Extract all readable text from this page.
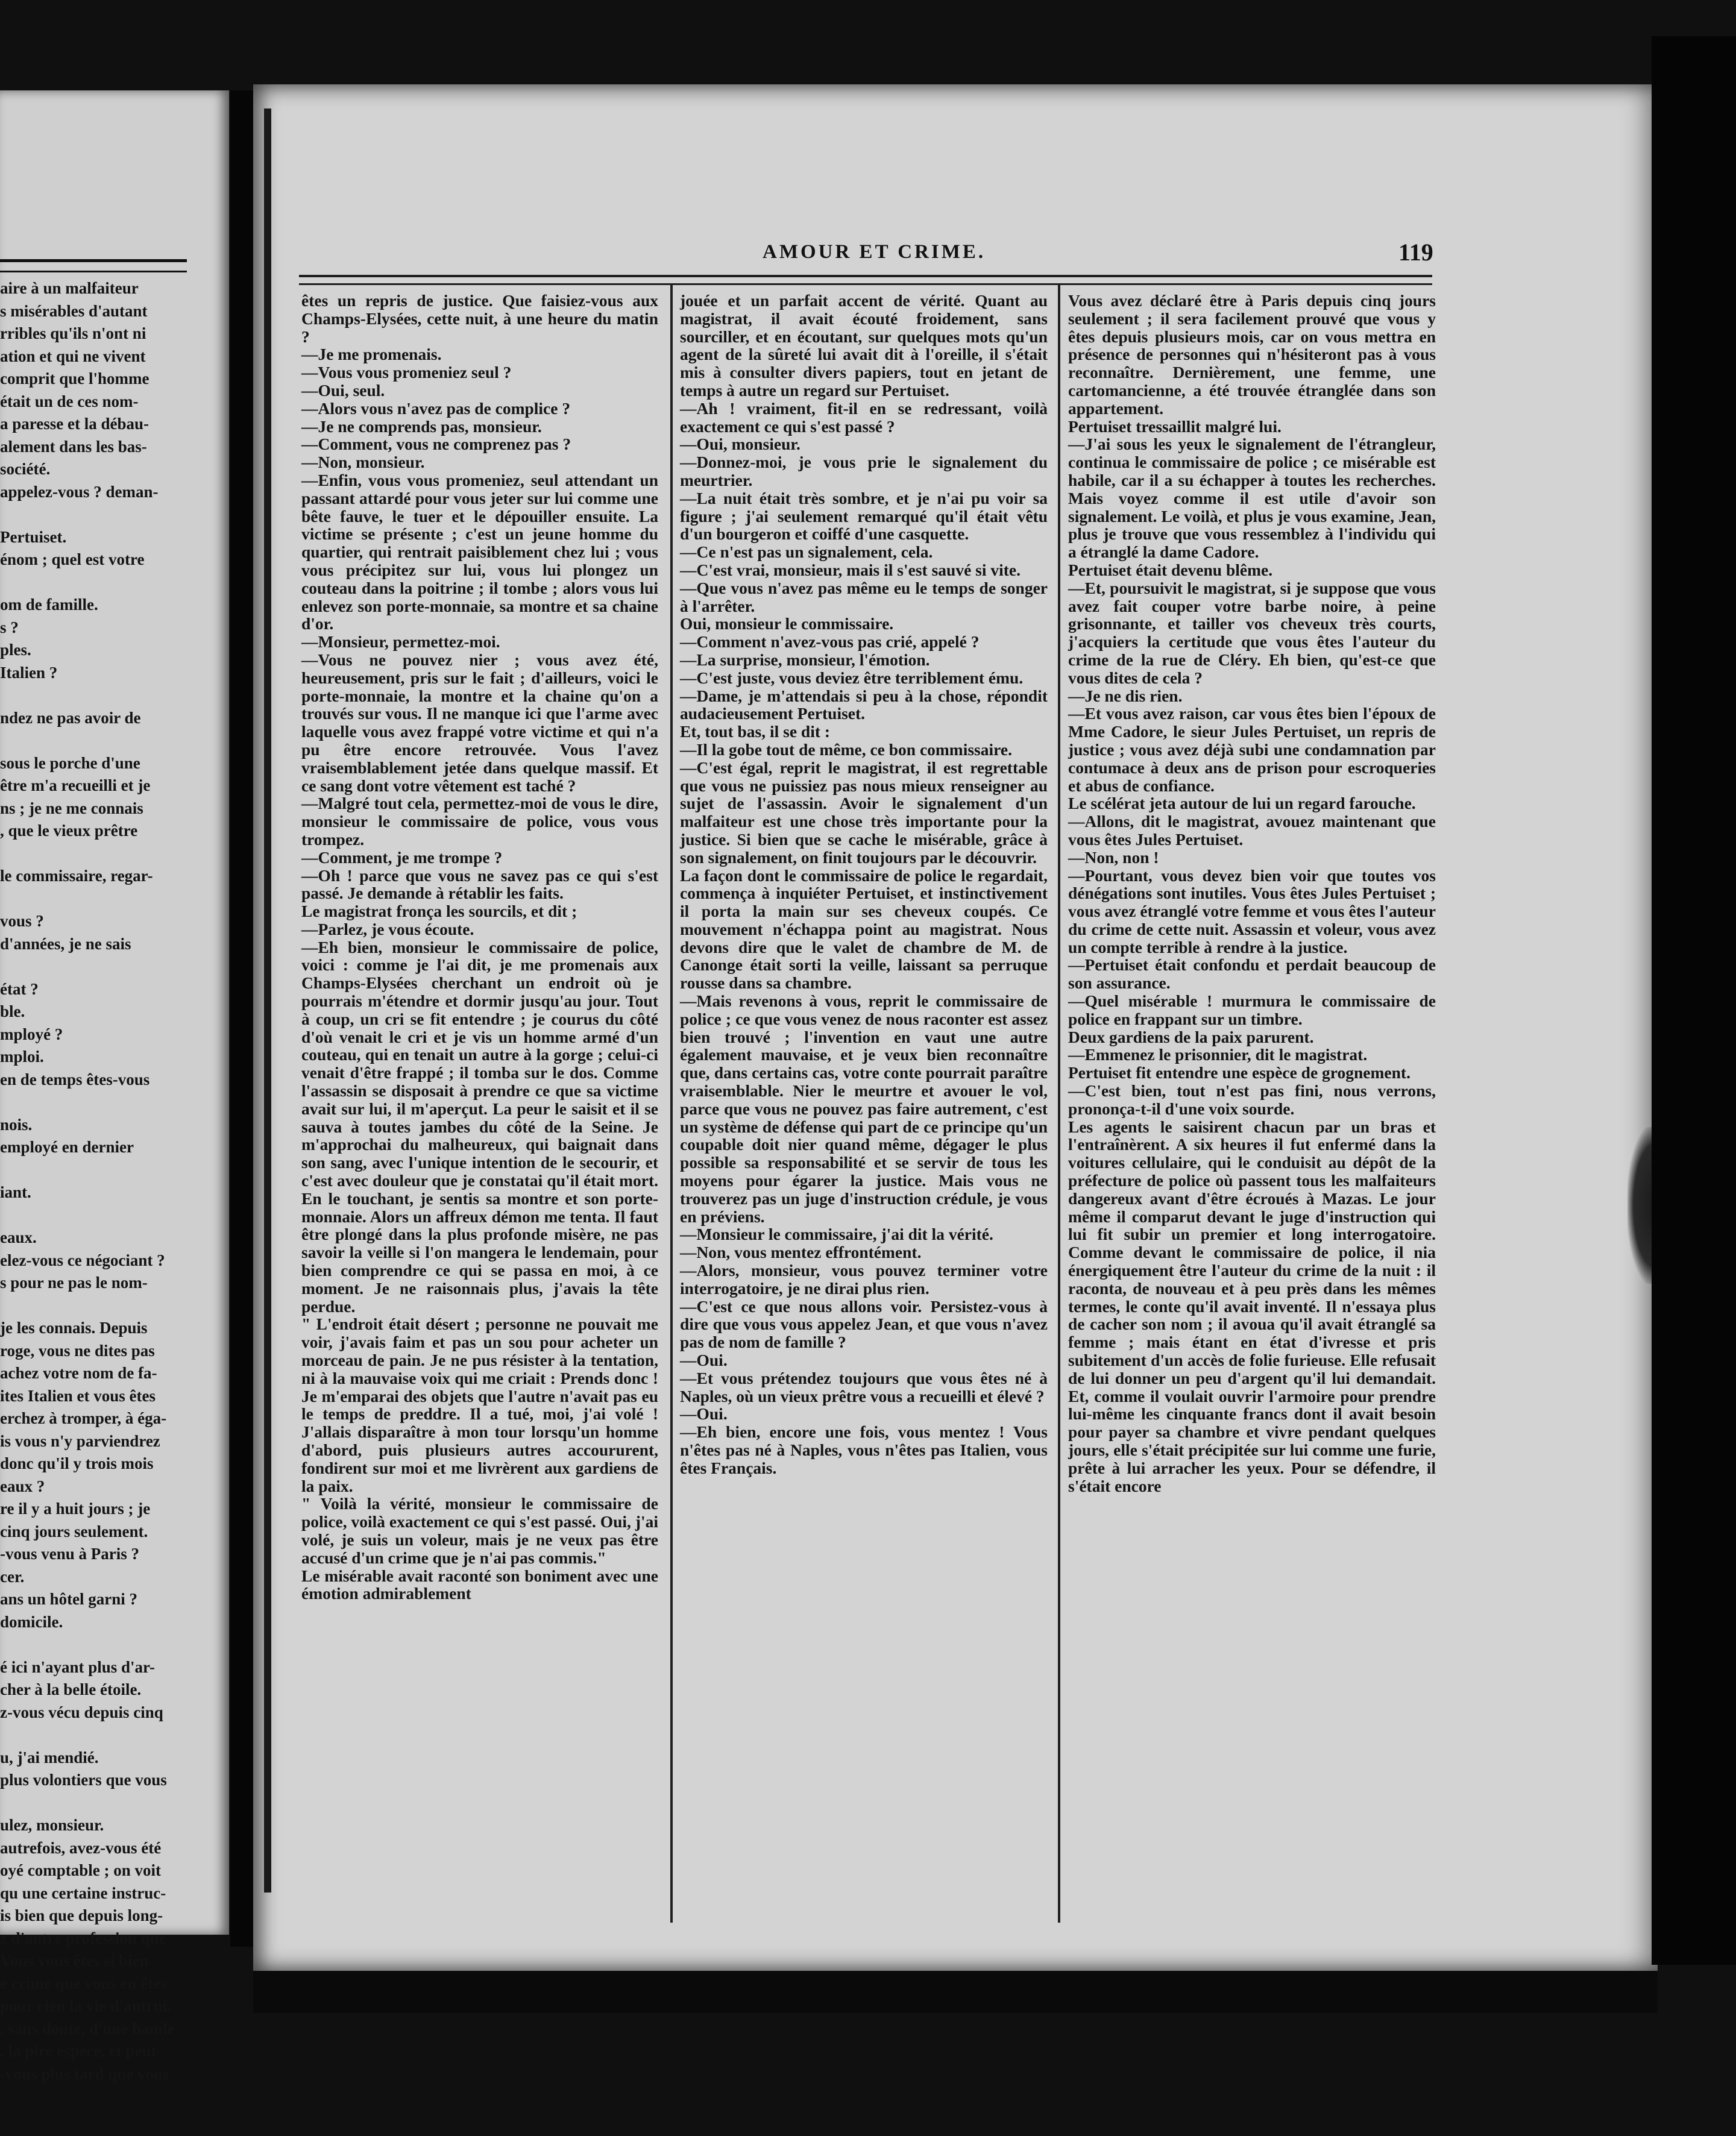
aire à un malfaiteur
s misérables d'autant
rribles qu'ils n'ont ni
ation et qui ne vivent
comprit que l'homme
était un de ces nom-
a paresse et la débau-
alement dans les bas-
société.
appelez-vous ? deman-

Pertuiset.
énom ; quel est votre

om de famille.
s ?
ples.
Italien ?

ndez ne pas avoir de

sous le porche d'une
être m'a recueilli et je
ns ; je ne me connais
, que le vieux prêtre

le commissaire, regar-

vous ?
d'années, je ne sais

état ?
ble.
mployé ?
mploi.
en de temps êtes-vous

nois.
employé en dernier

iant.

eaux.
elez-vous ce négociant ?
s pour ne pas le nom-

je les connais. Depuis
roge, vous ne dites pas
achez votre nom de fa-
ites Italien et vous êtes
erchez à tromper, à éga-
is vous n'y parviendrez
donc qu'il y trois mois
eaux ?
re il y a huit jours ; je
cinq jours seulement.
-vous venu à Paris ?
cer.
ans un hôtel garni ?
domicile.

é ici n'ayant plus d'ar-
cher à la belle étoile.
z-vous vécu depuis cinq

u, j'ai mendié.
plus volontiers que vous

ulez, monsieur.
autrefois, avez-vous été
oyé comptable ; on voit
qu une certaine instruc-
is bien que depuis long-
z d'autre profession que
Vous vous êtes si bien
e crime que vous en êtes
pour rien la vie d'autrui.
, sans doute, d'une bande
, la pire espèce, et peut-
-vous plus tard que vous
AMOUR ET CRIME.	119

êtes un repris de justice. Que faisiez-vous aux Champs-Elysées, cette nuit, à une heure du matin ?

—Je me promenais.

—Vous vous promeniez seul ?

—Oui, seul.

—Alors vous n'avez pas de complice ?

—Je ne comprends pas, monsieur.

—Comment, vous ne comprenez pas ?

—Non, monsieur.

—Enfin, vous vous promeniez, seul attendant un passant attardé pour vous jeter sur lui comme une bête fauve, le tuer et le dépouiller ensuite. La victime se présente ; c'est un jeune homme du quartier, qui rentrait paisiblement chez lui ; vous vous précipitez sur lui, vous lui plongez un couteau dans la poitrine ; il tombe ; alors vous lui enlevez son porte-monnaie, sa montre et sa chaine d'or.

—Monsieur, permettez-moi.

—Vous ne pouvez nier ; vous avez été, heureusement, pris sur le fait ; d'ailleurs, voici le porte-monnaie, la montre et la chaine qu'on a trouvés sur vous. Il ne manque ici que l'arme avec laquelle vous avez frappé votre victime et qui n'a pu être encore retrouvée. Vous l'avez vraisemblablement jetée dans quelque massif. Et ce sang dont votre vêtement est taché ?

—Malgré tout cela, permettez-moi de vous le dire, monsieur le commissaire de police, vous vous trompez.

—Comment, je me trompe ?

—Oh ! parce que vous ne savez pas ce qui s'est passé. Je demande à rétablir les faits.

Le magistrat fronça les sourcils, et dit ;

—Parlez, je vous écoute.

—Eh bien, monsieur le commissaire de police, voici : comme je l'ai dit, je me promenais aux Champs-Elysées cherchant un endroit où je pourrais m'étendre et dormir jusqu'au jour. Tout à coup, un cri se fit entendre ; je courus du côté d'où venait le cri et je vis un homme armé d'un couteau, qui en tenait un autre à la gorge ; celui-ci venait d'être frappé ; il tomba sur le dos. Comme l'assassin se disposait à prendre ce que sa victime avait sur lui, il m'aperçut. La peur le saisit et il se sauva à toutes jambes du côté de la Seine. Je m'approchai du malheureux, qui baignait dans son sang, avec l'unique intention de le secourir, et c'est avec douleur que je constatai qu'il était mort. En le touchant, je sentis sa montre et son porte-monnaie. Alors un affreux démon me tenta. Il faut être plongé dans la plus profonde misère, ne pas savoir la veille si l'on mangera le lendemain, pour bien comprendre ce qui se passa en moi, à ce moment. Je ne raisonnais plus, j'avais la tête perdue.

" L'endroit était désert ; personne ne pouvait me voir, j'avais faim et pas un sou pour acheter un morceau de pain. Je ne pus résister à la tentation, ni à la mauvaise voix qui me criait : Prends donc ! Je m'emparai des objets que l'autre n'avait pas eu le temps de preddre. Il a tué, moi, j'ai volé ! J'allais disparaître à mon tour lorsqu'un homme d'abord, puis plusieurs autres accoururent, fondirent sur moi et me livrèrent aux gardiens de la paix.

" Voilà la vérité, monsieur le commissaire de police, voilà exactement ce qui s'est passé. Oui, j'ai volé, je suis un voleur, mais je ne veux pas être accusé d'un crime que je n'ai pas commis."

Le misérable avait raconté son boniment avec une émotion admirablement

jouée et un parfait accent de vérité. Quant au magistrat, il avait écouté froidement, sans sourciller, et en écoutant, sur quelques mots qu'un agent de la sûreté lui avait dit à l'oreille, il s'était mis à consulter divers papiers, tout en jetant de temps à autre un regard sur Pertuiset.

—Ah ! vraiment, fit-il en se redressant, voilà exactement ce qui s'est passé ?

—Oui, monsieur.

—Donnez-moi, je vous prie le signalement du meurtrier.

—La nuit était très sombre, et je n'ai pu voir sa figure ; j'ai seulement remarqué qu'il était vêtu d'un bourgeron et coiffé d'une casquette.

—Ce n'est pas un signalement, cela.

—C'est vrai, monsieur, mais il s'est sauvé si vite.

—Que vous n'avez pas même eu le temps de songer à l'arrêter.

Oui, monsieur le commissaire.

—Comment n'avez-vous pas crié, appelé ?

—La surprise, monsieur, l'émotion.

—C'est juste, vous deviez être terriblement ému.

—Dame, je m'attendais si peu à la chose, répondit audacieusement Pertuiset.

Et, tout bas, il se dit :

—Il la gobe tout de même, ce bon commissaire.

—C'est égal, reprit le magistrat, il est regrettable que vous ne puissiez pas nous mieux renseigner au sujet de l'assassin. Avoir le signalement d'un malfaiteur est une chose très importante pour la justice. Si bien que se cache le misérable, grâce à son signalement, on finit toujours par le découvrir.

La façon dont le commissaire de police le regardait, commença à inquiéter Pertuiset, et instinctivement il porta la main sur ses cheveux coupés. Ce mouvement n'échappa point au magistrat. Nous devons dire que le valet de chambre de M. de Canonge était sorti la veille, laissant sa perruque rousse dans sa chambre.

—Mais revenons à vous, reprit le commissaire de police ; ce que vous venez de nous raconter est assez bien trouvé ; l'invention en vaut une autre également mauvaise, et je veux bien reconnaître que, dans certains cas, votre conte pourrait paraître vraisemblable. Nier le meurtre et avouer le vol, parce que vous ne pouvez pas faire autrement, c'est un système de défense qui part de ce principe qu'un coupable doit nier quand même, dégager le plus possible sa responsabilité et se servir de tous les moyens pour égarer la justice. Mais vous ne trouverez pas un juge d'instruction crédule, je vous en préviens.

—Monsieur le commissaire, j'ai dit la vérité.

—Non, vous mentez effrontément.

—Alors, monsieur, vous pouvez terminer votre interrogatoire, je ne dirai plus rien.

—C'est ce que nous allons voir. Persistez-vous à dire que vous vous appelez Jean, et que vous n'avez pas de nom de famille ?

—Oui.

—Et vous prétendez toujours que vous êtes né à Naples, où un vieux prêtre vous a recueilli et élevé ?

—Oui.

—Eh bien, encore une fois, vous mentez ! Vous n'êtes pas né à Naples, vous n'êtes pas Italien, vous êtes Français.

Vous avez déclaré être à Paris depuis cinq jours seulement ; il sera facilement prouvé que vous y êtes depuis plusieurs mois, car on vous mettra en présence de personnes qui n'hésiteront pas à vous reconnaître. Dernièrement, une femme, une cartomancienne, a été trouvée étranglée dans son appartement.

Pertuiset tressaillit malgré lui.

—J'ai sous les yeux le signalement de l'étrangleur, continua le commissaire de police ; ce misérable est habile, car il a su échapper à toutes les recherches. Mais voyez comme il est utile d'avoir son signalement. Le voilà, et plus je vous examine, Jean, plus je trouve que vous ressemblez à l'individu qui a étranglé la dame Cadore.

Pertuiset était devenu blême.

—Et, poursuivit le magistrat, si je suppose que vous avez fait couper votre barbe noire, à peine grisonnante, et tailler vos cheveux très courts, j'acquiers la certitude que vous êtes l'auteur du crime de la rue de Cléry. Eh bien, qu'est-ce que vous dites de cela ?

—Je ne dis rien.

—Et vous avez raison, car vous êtes bien l'époux de Mme Cadore, le sieur Jules Pertuiset, un repris de justice ; vous avez déjà subi une condamnation par contumace à deux ans de prison pour escroqueries et abus de confiance.

Le scélérat jeta autour de lui un regard farouche.

—Allons, dit le magistrat, avouez maintenant que vous êtes Jules Pertuiset.

—Non, non !

—Pourtant, vous devez bien voir que toutes vos dénégations sont inutiles. Vous êtes Jules Pertuiset ; vous avez étranglé votre femme et vous êtes l'auteur du crime de cette nuit. Assassin et voleur, vous avez un compte terrible à rendre à la justice.

—Pertuiset était confondu et perdait beaucoup de son assurance.

—Quel misérable ! murmura le commissaire de police en frappant sur un timbre.

Deux gardiens de la paix parurent.

—Emmenez le prisonnier, dit le magistrat.

Pertuiset fit entendre une espèce de grognement.

—C'est bien, tout n'est pas fini, nous verrons, prononça-t-il d'une voix sourde.

Les agents le saisirent chacun par un bras et l'entraînèrent. A six heures il fut enfermé dans la voitures cellulaire, qui le conduisit au dépôt de la préfecture de police où passent tous les malfaiteurs dangereux avant d'être écroués à Mazas. Le jour même il comparut devant le juge d'instruction qui lui fit subir un premier et long interrogatoire. Comme devant le commissaire de police, il nia énergiquement être l'auteur du crime de la nuit : il raconta, de nouveau et à peu près dans les mêmes termes, le conte qu'il avait inventé. Il n'essaya plus de cacher son nom ; il avoua qu'il avait étranglé sa femme ; mais étant en état d'ivresse et pris subitement d'un accès de folie furieuse. Elle refusait de lui donner un peu d'argent qu'il lui demandait. Et, comme il voulait ouvrir l'armoire pour prendre lui-même les cinquante francs dont il avait besoin pour payer sa chambre et vivre pendant quelques jours, elle s'était précipitée sur lui comme une furie, prête à lui arracher les yeux. Pour se défendre, il s'était encore
